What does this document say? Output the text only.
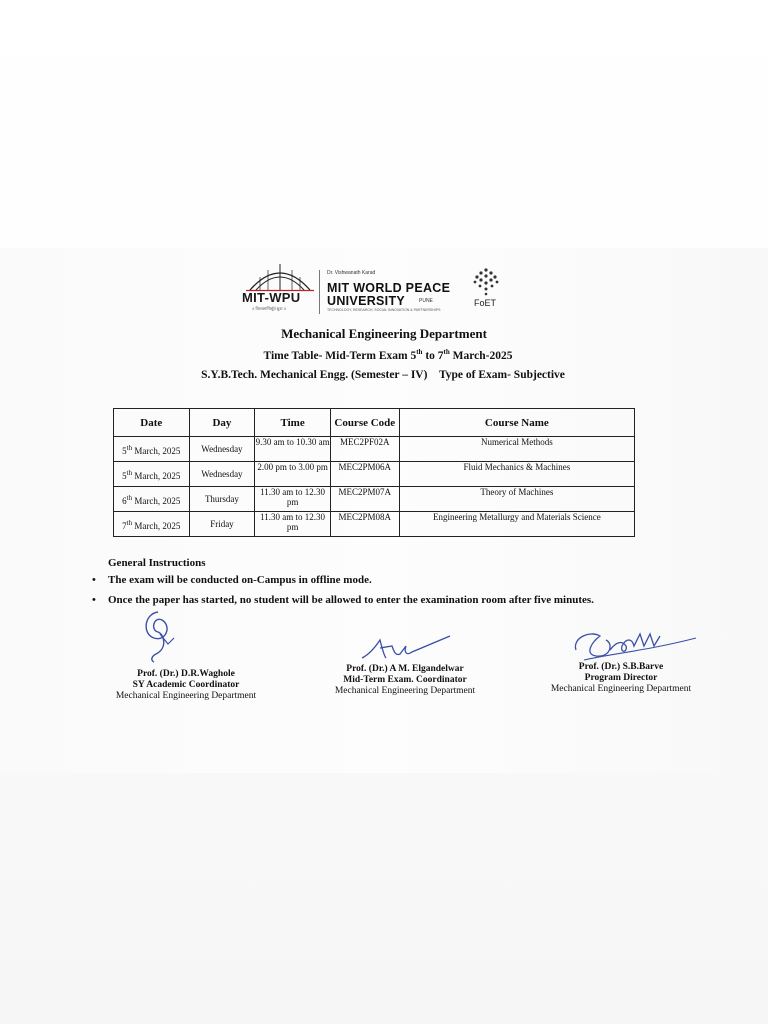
MIT-WPU
॥ विश्वशान्तिर्ध्रुवं ध्रुवा ॥
Dr. Vishwanath Karad
MIT WORLD PEACE
UNIVERSITY	PUNE
TECHNOLOGY, RESEARCH, SOCIAL INNOVATION & PARTNERSHIPS
FoET
Mechanical Engineering Department
Time Table- Mid-Term Exam 5th to 7th March-2025
S.Y.B.Tech. Mechanical Engg. (Semester – IV) Type of Exam- Subjective
Date	Day	Time	Course Code	Course Name
5th March, 2025	Wednesday	9.30 am to 10.30 am	MEC2PF02A	Numerical Methods
5th March, 2025	Wednesday	2.00 pm to 3.00 pm	MEC2PM06A	Fluid Mechanics & Machines
6th March, 2025	Thursday	11.30 am to 12.30 pm	MEC2PM07A	Theory of Machines
7th March, 2025	Friday	11.30 am to 12.30 pm	MEC2PM08A	Engineering Metallurgy and Materials Science
General Instructions
• The exam will be conducted on-Campus in offline mode.
• Once the paper has started, no student will be allowed to enter the examination room after five minutes.
Prof. (Dr.) D.R.Waghole
SY Academic Coordinator
Mechanical Engineering Department
Prof. (Dr.) A M. Elgandelwar
Mid-Term Exam. Coordinator
Mechanical Engineering Department
Prof. (Dr.) S.B.Barve
Program Director
Mechanical Engineering Department
